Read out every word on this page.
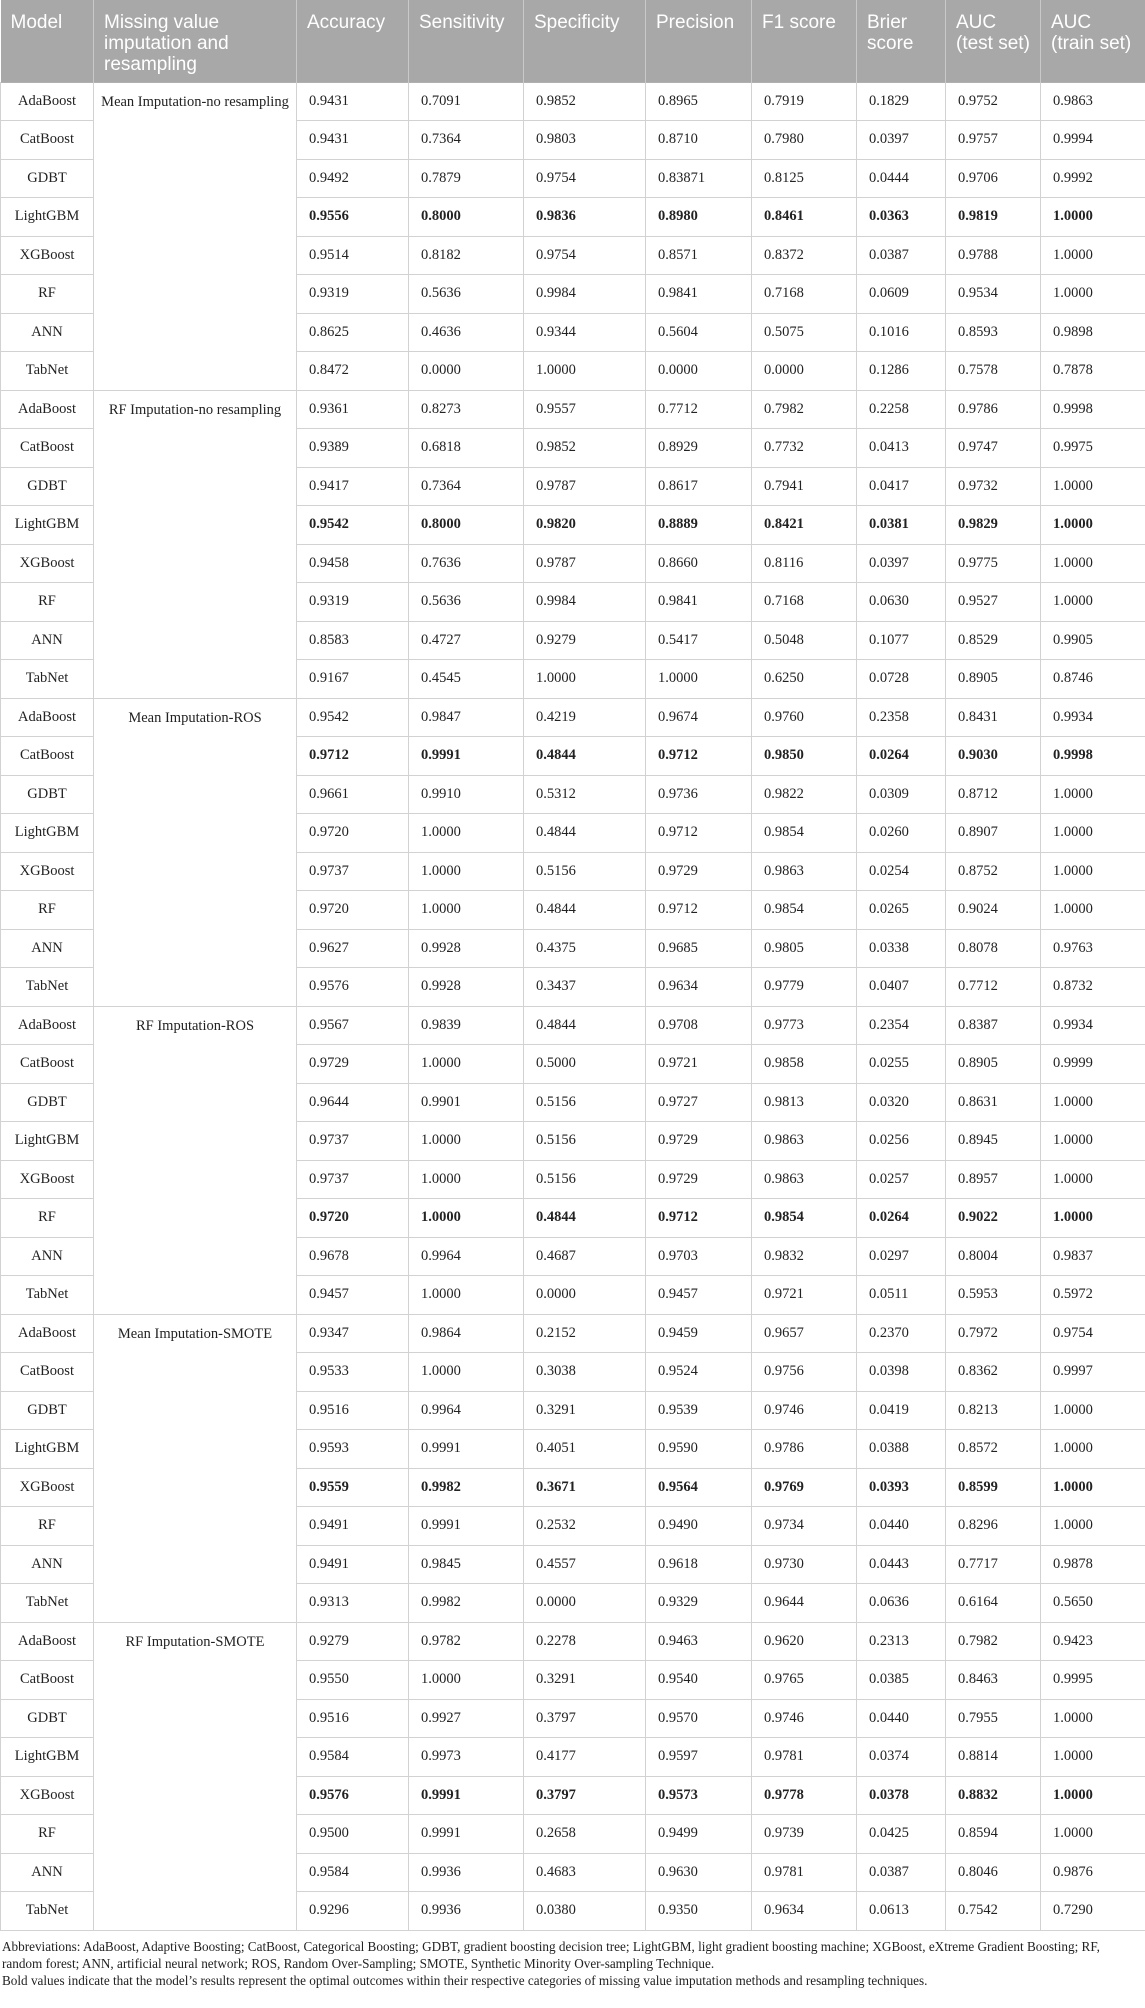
Model	Missing value imputation and resampling	Accuracy	Sensitivity	Specificity	Precision	F1 score	Brier score	AUC (test set)	AUC (train set)
AdaBoost	Mean Imputation-no resampling	0.9431	0.7091	0.9852	0.8965	0.7919	0.1829	0.9752	0.9863
CatBoost		0.9431	0.7364	0.9803	0.8710	0.7980	0.0397	0.9757	0.9994
GDBT		0.9492	0.7879	0.9754	0.83871	0.8125	0.0444	0.9706	0.9992
LightGBM		0.9556	0.8000	0.9836	0.8980	0.8461	0.0363	0.9819	1.0000
XGBoost		0.9514	0.8182	0.9754	0.8571	0.8372	0.0387	0.9788	1.0000
RF		0.9319	0.5636	0.9984	0.9841	0.7168	0.0609	0.9534	1.0000
ANN		0.8625	0.4636	0.9344	0.5604	0.5075	0.1016	0.8593	0.9898
TabNet		0.8472	0.0000	1.0000	0.0000	0.0000	0.1286	0.7578	0.7878
AdaBoost	RF Imputation-no resampling	0.9361	0.8273	0.9557	0.7712	0.7982	0.2258	0.9786	0.9998
CatBoost		0.9389	0.6818	0.9852	0.8929	0.7732	0.0413	0.9747	0.9975
GDBT		0.9417	0.7364	0.9787	0.8617	0.7941	0.0417	0.9732	1.0000
LightGBM		0.9542	0.8000	0.9820	0.8889	0.8421	0.0381	0.9829	1.0000
XGBoost		0.9458	0.7636	0.9787	0.8660	0.8116	0.0397	0.9775	1.0000
RF		0.9319	0.5636	0.9984	0.9841	0.7168	0.0630	0.9527	1.0000
ANN		0.8583	0.4727	0.9279	0.5417	0.5048	0.1077	0.8529	0.9905
TabNet		0.9167	0.4545	1.0000	1.0000	0.6250	0.0728	0.8905	0.8746
AdaBoost	Mean Imputation-ROS	0.9542	0.9847	0.4219	0.9674	0.9760	0.2358	0.8431	0.9934
CatBoost		0.9712	0.9991	0.4844	0.9712	0.9850	0.0264	0.9030	0.9998
GDBT		0.9661	0.9910	0.5312	0.9736	0.9822	0.0309	0.8712	1.0000
LightGBM		0.9720	1.0000	0.4844	0.9712	0.9854	0.0260	0.8907	1.0000
XGBoost		0.9737	1.0000	0.5156	0.9729	0.9863	0.0254	0.8752	1.0000
RF		0.9720	1.0000	0.4844	0.9712	0.9854	0.0265	0.9024	1.0000
ANN		0.9627	0.9928	0.4375	0.9685	0.9805	0.0338	0.8078	0.9763
TabNet		0.9576	0.9928	0.3437	0.9634	0.9779	0.0407	0.7712	0.8732
AdaBoost	RF Imputation-ROS	0.9567	0.9839	0.4844	0.9708	0.9773	0.2354	0.8387	0.9934
CatBoost		0.9729	1.0000	0.5000	0.9721	0.9858	0.0255	0.8905	0.9999
GDBT		0.9644	0.9901	0.5156	0.9727	0.9813	0.0320	0.8631	1.0000
LightGBM		0.9737	1.0000	0.5156	0.9729	0.9863	0.0256	0.8945	1.0000
XGBoost		0.9737	1.0000	0.5156	0.9729	0.9863	0.0257	0.8957	1.0000
RF		0.9720	1.0000	0.4844	0.9712	0.9854	0.0264	0.9022	1.0000
ANN		0.9678	0.9964	0.4687	0.9703	0.9832	0.0297	0.8004	0.9837
TabNet		0.9457	1.0000	0.0000	0.9457	0.9721	0.0511	0.5953	0.5972
AdaBoost	Mean Imputation-SMOTE	0.9347	0.9864	0.2152	0.9459	0.9657	0.2370	0.7972	0.9754
CatBoost		0.9533	1.0000	0.3038	0.9524	0.9756	0.0398	0.8362	0.9997
GDBT		0.9516	0.9964	0.3291	0.9539	0.9746	0.0419	0.8213	1.0000
LightGBM		0.9593	0.9991	0.4051	0.9590	0.9786	0.0388	0.8572	1.0000
XGBoost		0.9559	0.9982	0.3671	0.9564	0.9769	0.0393	0.8599	1.0000
RF		0.9491	0.9991	0.2532	0.9490	0.9734	0.0440	0.8296	1.0000
ANN		0.9491	0.9845	0.4557	0.9618	0.9730	0.0443	0.7717	0.9878
TabNet		0.9313	0.9982	0.0000	0.9329	0.9644	0.0636	0.6164	0.5650
AdaBoost	RF Imputation-SMOTE	0.9279	0.9782	0.2278	0.9463	0.9620	0.2313	0.7982	0.9423
CatBoost		0.9550	1.0000	0.3291	0.9540	0.9765	0.0385	0.8463	0.9995
GDBT		0.9516	0.9927	0.3797	0.9570	0.9746	0.0440	0.7955	1.0000
LightGBM		0.9584	0.9973	0.4177	0.9597	0.9781	0.0374	0.8814	1.0000
XGBoost		0.9576	0.9991	0.3797	0.9573	0.9778	0.0378	0.8832	1.0000
RF		0.9500	0.9991	0.2658	0.9499	0.9739	0.0425	0.8594	1.0000
ANN		0.9584	0.9936	0.4683	0.9630	0.9781	0.0387	0.8046	0.9876
TabNet		0.9296	0.9936	0.0380	0.9350	0.9634	0.0613	0.7542	0.7290

Abbreviations: AdaBoost, Adaptive Boosting; CatBoost, Categorical Boosting; GDBT, gradient boosting decision tree; LightGBM, light gradient boosting machine; XGBoost, eXtreme Gradient Boosting; RF, random forest; ANN, artificial neural network; ROS, Random Over-Sampling; SMOTE, Synthetic Minority Over-sampling Technique.

Bold values indicate that the model’s results represent the optimal outcomes within their respective categories of missing value imputation methods and resampling techniques.
